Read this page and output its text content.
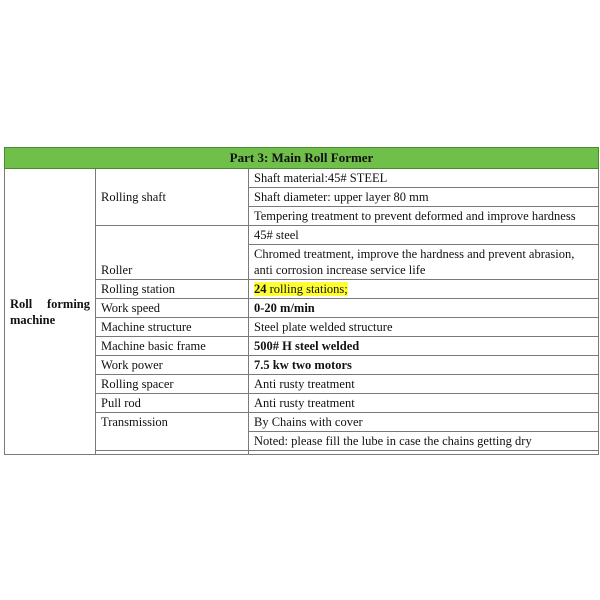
Part 3: Main Roll Former		
Roll forming machine	Rolling shaft	Shaft material:45# STEEL
		Shaft diameter: upper layer 80 mm
		Tempering treatment to prevent deformed and improve hardness
	Roller	45# steel
		Chromed treatment, improve the hardness and prevent abrasion, anti corrosion increase service life
	Rolling station	24 rolling stations;
	Work speed	0-20 m/min
	Machine structure	Steel plate welded structure
	Machine basic frame	500# H steel welded
	Work power	7.5 kw two motors
	Rolling spacer	Anti rusty treatment
	Pull rod	Anti rusty treatment
	Transmission	By Chains with cover
		Noted: please fill the lube in case the chains getting dry
